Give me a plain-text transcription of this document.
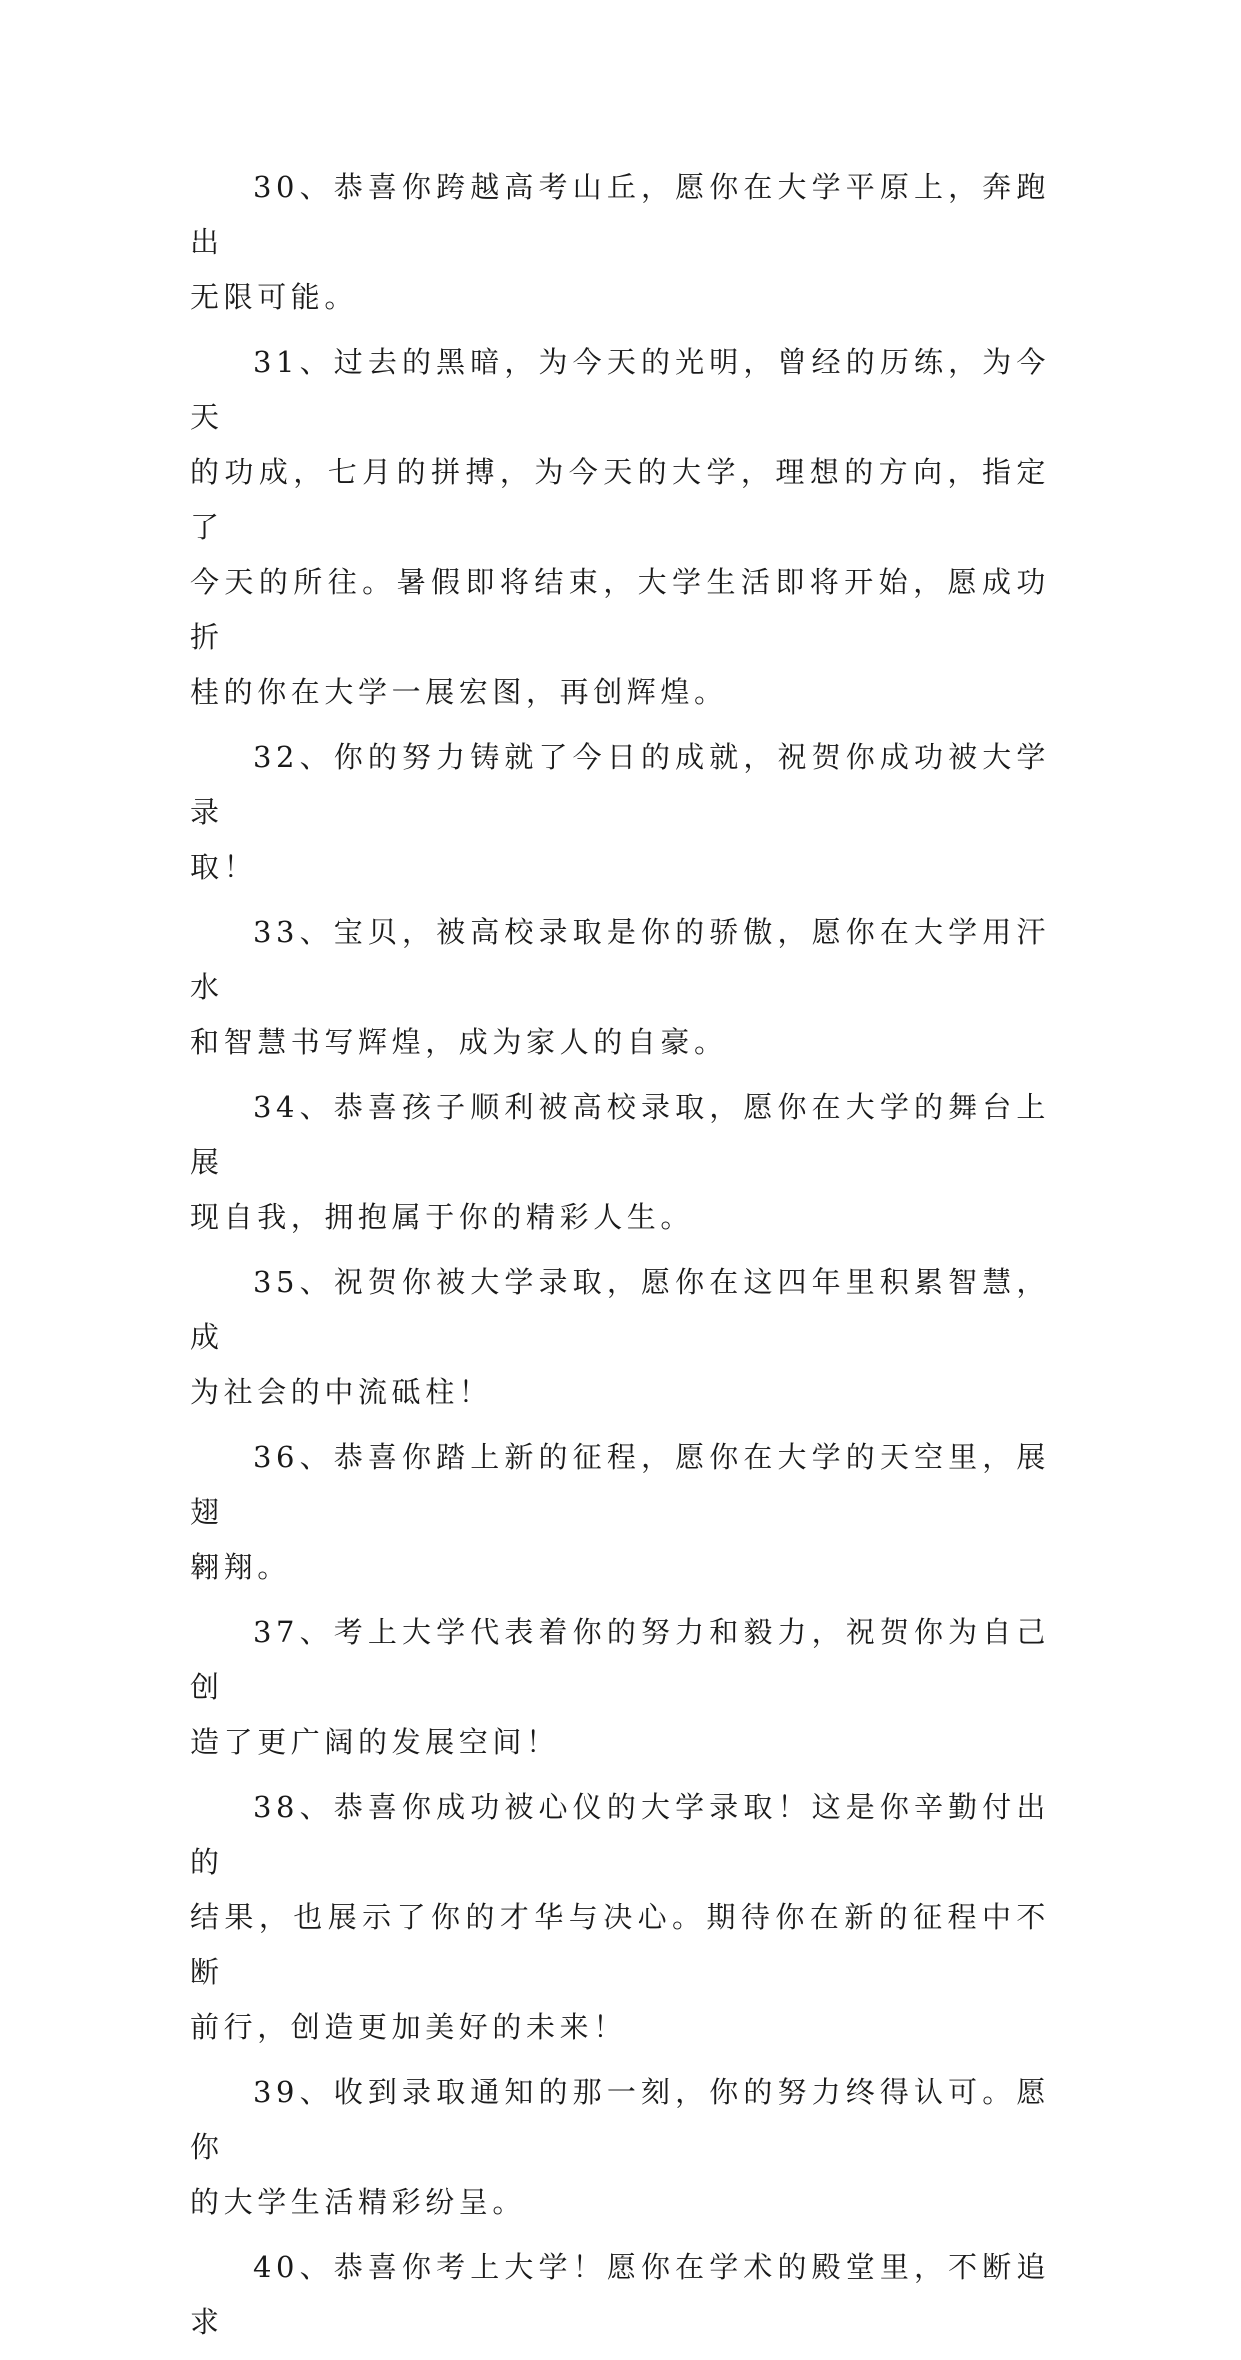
30、恭喜你跨越高考山丘，愿你在大学平原上，奔跑出
无限可能。

31、过去的黑暗，为今天的光明，曾经的历练，为今天
的功成，七月的拼搏，为今天的大学，理想的方向，指定了
今天的所往。暑假即将结束，大学生活即将开始，愿成功折
桂的你在大学一展宏图，再创辉煌。

32、你的努力铸就了今日的成就，祝贺你成功被大学录
取！

33、宝贝，被高校录取是你的骄傲，愿你在大学用汗水
和智慧书写辉煌，成为家人的自豪。

34、恭喜孩子顺利被高校录取，愿你在大学的舞台上展
现自我，拥抱属于你的精彩人生。

35、祝贺你被大学录取，愿你在这四年里积累智慧，成
为社会的中流砥柱！

36、恭喜你踏上新的征程，愿你在大学的天空里，展翅
翱翔。

37、考上大学代表着你的努力和毅力，祝贺你为自己创
造了更广阔的发展空间！

38、恭喜你成功被心仪的大学录取！这是你辛勤付出的
结果，也展示了你的才华与决心。期待你在新的征程中不断
前行，创造更加美好的未来！

39、收到录取通知的那一刻，你的努力终得认可。愿你
的大学生活精彩纷呈。

40、恭喜你考上大学！愿你在学术的殿堂里，不断追求
